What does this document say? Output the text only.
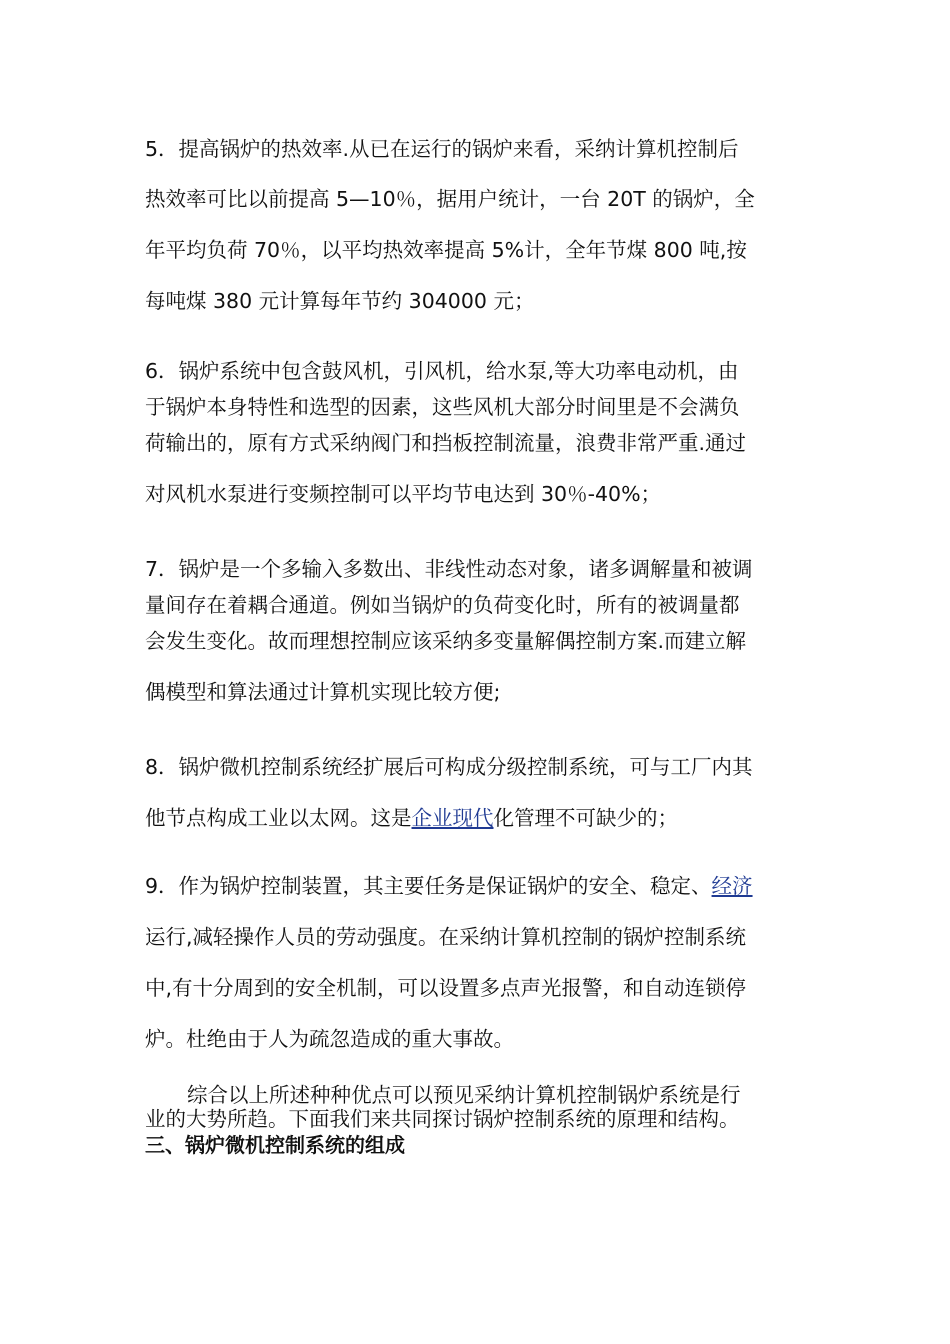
5．提高锅炉的热效率.从已在运行的锅炉来看，采纳计算机控制后
热效率可比以前提高 5—10％，据用户统计，一台 20T 的锅炉，全
年平均负荷 70％，以平均热效率提高 5%计，全年节煤 800 吨,按
每吨煤 380 元计算每年节约 304000 元；
6．锅炉系统中包含鼓风机，引风机，给水泵,等大功率电动机，由
于锅炉本身特性和选型的因素，这些风机大部分时间里是不会满负
荷输出的，原有方式采纳阀门和挡板控制流量，浪费非常严重.通过
对风机水泵进行变频控制可以平均节电达到 30％-40%；
7．锅炉是一个多输入多数出、非线性动态对象，诸多调解量和被调
量间存在着耦合通道。例如当锅炉的负荷变化时，所有的被调量都
会发生变化。故而理想控制应该采纳多变量解偶控制方案.而建立解
偶模型和算法通过计算机实现比较方便;
8．锅炉微机控制系统经扩展后可构成分级控制系统，可与工厂内其
他节点构成工业以太网。这是企业现代化管理不可缺少的；
9．作为锅炉控制装置，其主要任务是保证锅炉的安全、稳定、经济
运行,减轻操作人员的劳动强度。在采纳计算机控制的锅炉控制系统
中,有十分周到的安全机制，可以设置多点声光报警，和自动连锁停
炉。杜绝由于人为疏忽造成的重大事故。
综合以上所述种种优点可以预见采纳计算机控制锅炉系统是行
业的大势所趋。下面我们来共同探讨锅炉控制系统的原理和结构。
三、锅炉微机控制系统的组成
